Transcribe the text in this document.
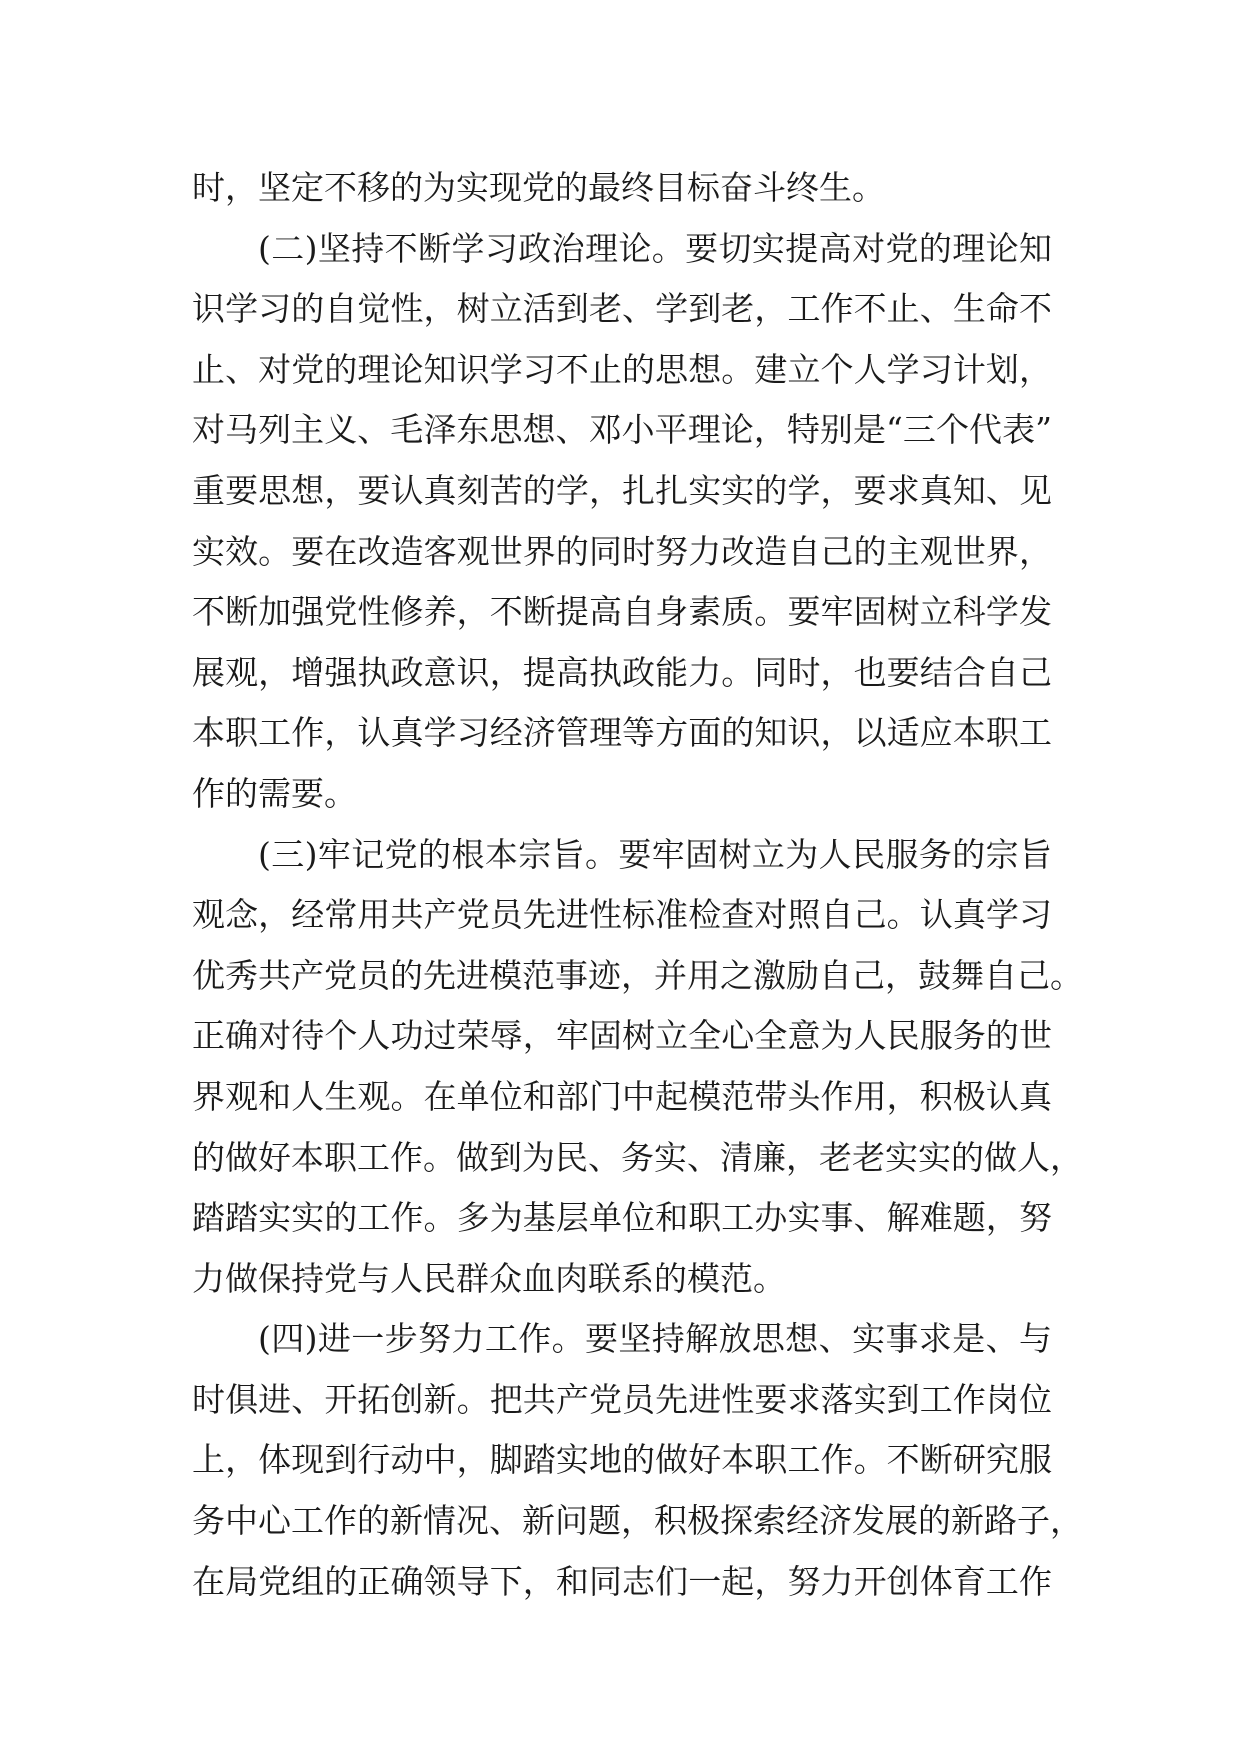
时，坚定不移的为实现党的最终目标奋斗终生。
(二)坚持不断学习政治理论。要切实提高对党的理论知
识学习的自觉性，树立活到老、学到老，工作不止、生命不
止、对党的理论知识学习不止的思想。建立个人学习计划，
对马列主义、毛泽东思想、邓小平理论，特别是“三个代表”
重要思想，要认真刻苦的学，扎扎实实的学，要求真知、见
实效。要在改造客观世界的同时努力改造自己的主观世界，
不断加强党性修养，不断提高自身素质。要牢固树立科学发
展观，增强执政意识，提高执政能力。同时，也要结合自己
本职工作，认真学习经济管理等方面的知识，以适应本职工
作的需要。
(三)牢记党的根本宗旨。要牢固树立为人民服务的宗旨
观念，经常用共产党员先进性标准检查对照自己。认真学习
优秀共产党员的先进模范事迹，并用之激励自己，鼓舞自己。
正确对待个人功过荣辱，牢固树立全心全意为人民服务的世
界观和人生观。在单位和部门中起模范带头作用，积极认真
的做好本职工作。做到为民、务实、清廉，老老实实的做人，
踏踏实实的工作。多为基层单位和职工办实事、解难题，努
力做保持党与人民群众血肉联系的模范。
(四)进一步努力工作。要坚持解放思想、实事求是、与
时俱进、开拓创新。把共产党员先进性要求落实到工作岗位
上，体现到行动中，脚踏实地的做好本职工作。不断研究服
务中心工作的新情况、新问题，积极探索经济发展的新路子，
在局党组的正确领导下，和同志们一起，努力开创体育工作
